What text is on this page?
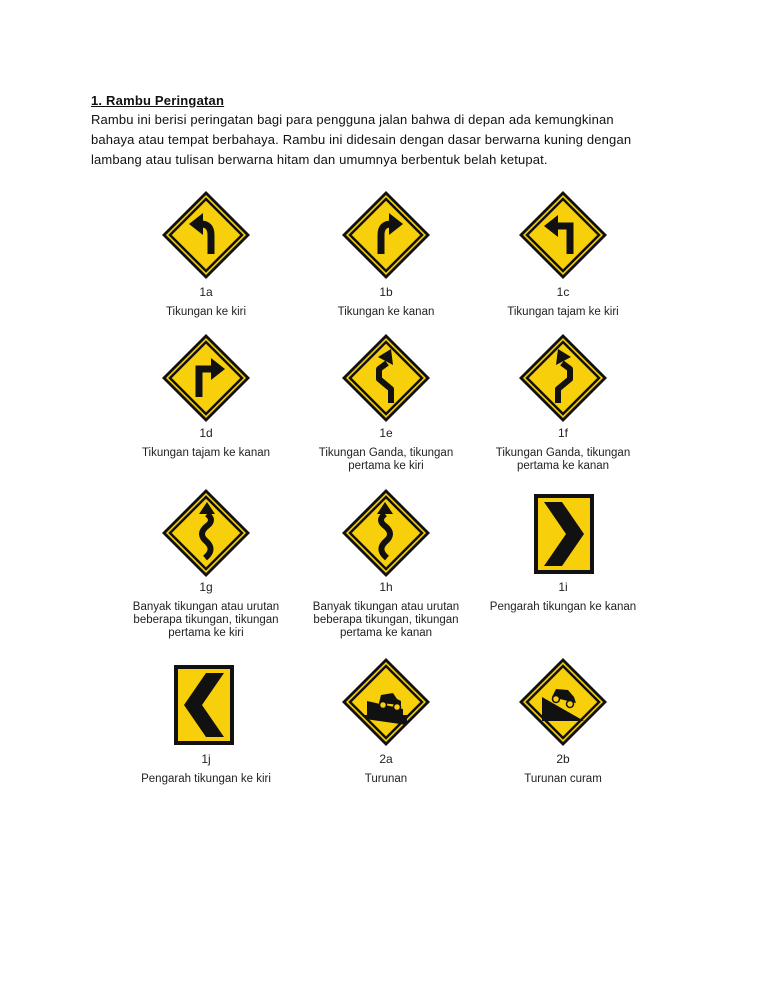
1. Rambu Peringatan
Rambu ini berisi peringatan bagi para pengguna jalan bahwa di depan ada kemungkinan
bahaya atau tempat berbahaya. Rambu ini didesain dengan dasar berwarna kuning dengan
lambang atau tulisan berwarna hitam dan umumnya berbentuk belah ketupat.
1a
Tikungan ke kiri
1b
Tikungan ke kanan
1c
Tikungan tajam ke kiri
1d
Tikungan tajam ke kanan
1e
Tikungan Ganda, tikungan
pertama ke kiri
1f
Tikungan Ganda, tikungan
pertama ke kanan
1g
Banyak tikungan atau urutan
beberapa tikungan, tikungan
pertama ke kiri
1h
Banyak tikungan atau urutan
beberapa tikungan, tikungan
pertama ke kanan
1i
Pengarah tikungan ke kanan
1j
Pengarah tikungan ke kiri
2a
Turunan
2b
Turunan curam
